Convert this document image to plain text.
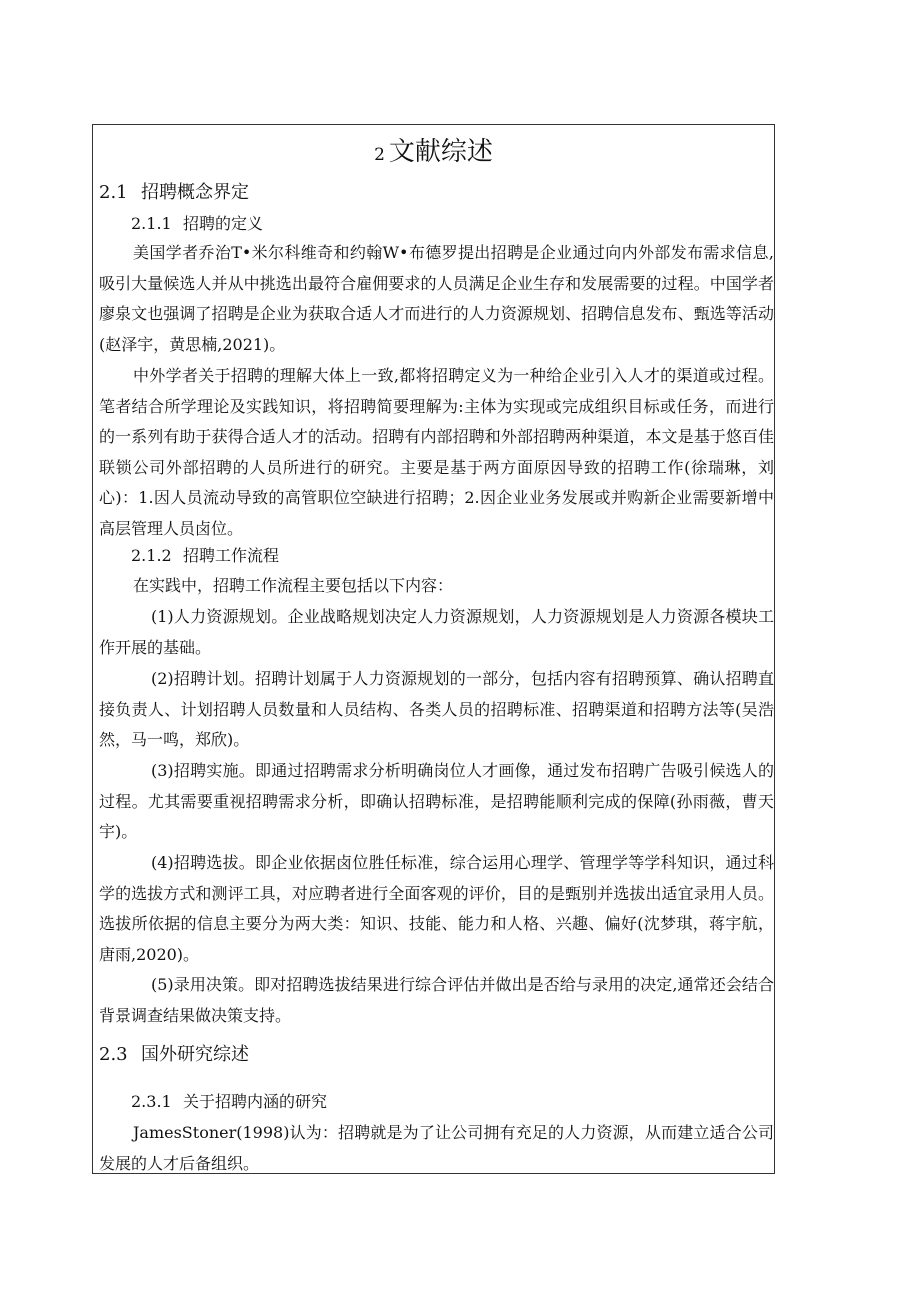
2 文献综述
2.1 招聘概念界定
2.1.1 招聘的定义

美国学者乔治T•米尔科维奇和约翰W•布德罗提出招聘是企业通过向内外部发布需求信息,吸引大量候选人并从中挑选出最符合雇佣要求的人员满足企业生存和发展需要的过程。中国学者廖泉文也强调了招聘是企业为获取合适人才而进行的人力资源规划、招聘信息发布、甄选等活动(赵泽宇，黄思楠,2021)。

中外学者关于招聘的理解大体上一致,都将招聘定义为一种给企业引入人才的渠道或过程。笔者结合所学理论及实践知识，将招聘简要理解为:主体为实现或完成组织目标或任务，而进行的一系列有助于获得合适人才的活动。招聘有内部招聘和外部招聘两种渠道，本文是基于悠百佳联锁公司外部招聘的人员所进行的研究。主要是基于两方面原因导致的招聘工作(徐瑞琳，刘心)：1.因人员流动导致的高管职位空缺进行招聘；2.因企业业务发展或并购新企业需要新增中高层管理人员卤位。

2.1.2 招聘工作流程

在实践中，招聘工作流程主要包括以下内容：

(1)人力资源规划。企业战略规划决定人力资源规划，人力资源规划是人力资源各模块工作开展的基础。

(2)招聘计划。招聘计划属于人力资源规划的一部分，包括内容有招聘预算、确认招聘直接负责人、计划招聘人员数量和人员结构、各类人员的招聘标准、招聘渠道和招聘方法等(吴浩然，马一鸣，郑欣)。

(3)招聘实施。即通过招聘需求分析明确岗位人才画像，通过发布招聘广告吸引候选人的过程。尤其需要重视招聘需求分析，即确认招聘标准，是招聘能顺利完成的保障(孙雨薇，曹天宇)。

(4)招聘选拔。即企业依据卤位胜任标准，综合运用心理学、管理学等学科知识，通过科学的选拔方式和测评工具，对应聘者进行全面客观的评价，目的是甄别并选拔出适宜录用人员。选拔所依据的信息主要分为两大类：知识、技能、能力和人格、兴趣、偏好(沈梦琪，蒋宇航，唐雨,2020)。

(5)录用决策。即对招聘选拔结果进行综合评估并做出是否给与录用的决定,通常还会结合背景调查结果做决策支持。

2.3 国外研究综述
2.3.1 关于招聘内涵的研究

JamesStoner(1998)认为：招聘就是为了让公司拥有充足的人力资源，从而建立适合公司发展的人才后备组织。
